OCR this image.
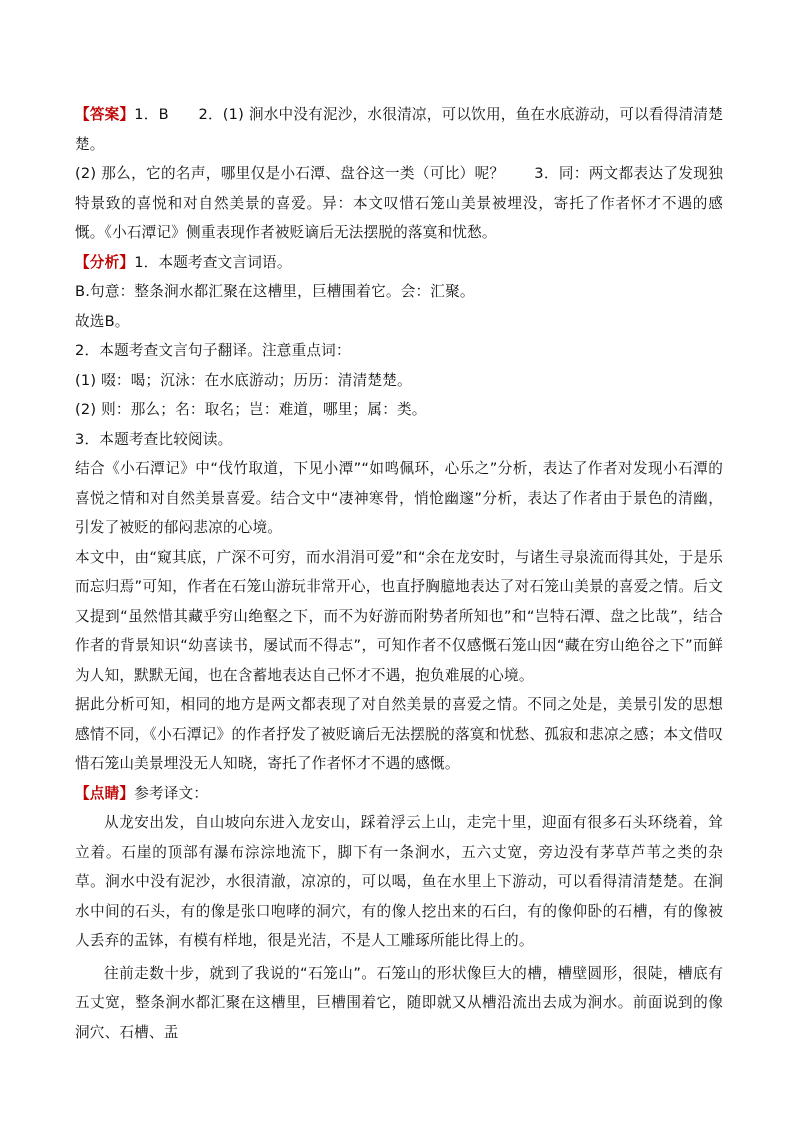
【答案】1．B　　2．(1) 涧水中没有泥沙，水很清凉，可以饮用，鱼在水底游动，可以看得清清楚楚。

(2) 那么，它的名声，哪里仅是小石潭、盘谷这一类（可比）呢？　　3．同：两文都表达了发现独特景致的喜悦和对自然美景的喜爱。异：本文叹惜石笼山美景被埋没，寄托了作者怀才不遇的感慨。《小石潭记》侧重表现作者被贬谪后无法摆脱的落寞和忧愁。

【分析】1．本题考查文言词语。

B.句意：整条涧水都汇聚在这槽里，巨槽围着它。会：汇聚。

故选B。

2．本题考查文言句子翻译。注意重点词：

(1) 啜：喝；沉泳：在水底游动；历历：清清楚楚。

(2) 则：那么；名：取名；岂：难道，哪里；属：类。

3．本题考查比较阅读。

结合《小石潭记》中“伐竹取道，下见小潭”“如鸣佩环，心乐之”分析，表达了作者对发现小石潭的喜悦之情和对自然美景喜爱。结合文中“凄神寒骨，悄怆幽邃”分析，表达了作者由于景色的清幽，引发了被贬的郁闷悲凉的心境。

本文中，由“窥其底，广深不可穷，而水涓涓可爱”和“余在龙安时，与诸生寻泉流而得其处，于是乐而忘归焉”可知，作者在石笼山游玩非常开心，也直抒胸臆地表达了对石笼山美景的喜爱之情。后文又提到“虽然惜其藏乎穷山绝壑之下，而不为好游而附势者所知也”和“岂特石潭、盘之比哉”，结合作者的背景知识“幼喜读书，屡试而不得志”，可知作者不仅感慨石笼山因“藏在穷山绝谷之下”而鲜为人知，默默无闻，也在含蓄地表达自己怀才不遇，抱负难展的心境。

据此分析可知，相同的地方是两文都表现了对自然美景的喜爱之情。不同之处是，美景引发的思想感情不同，《小石潭记》的作者抒发了被贬谪后无法摆脱的落寞和忧愁、孤寂和悲凉之感；本文借叹惜石笼山美景埋没无人知晓，寄托了作者怀才不遇的感慨。

【点睛】参考译文：

从龙安出发，自山坡向东进入龙安山，踩着浮云上山，走完十里，迎面有很多石头环绕着，耸立着。石崖的顶部有瀑布淙淙地流下，脚下有一条涧水，五六丈宽，旁边没有茅草芦苇之类的杂草。涧水中没有泥沙，水很清澈，凉凉的，可以喝，鱼在水里上下游动，可以看得清清楚楚。在涧水中间的石头，有的像是张口咆哮的洞穴，有的像人挖出来的石臼，有的像仰卧的石槽，有的像被人丢弃的盂钵，有模有样地，很是光洁，不是人工雕琢所能比得上的。

往前走数十步，就到了我说的“石笼山”。石笼山的形状像巨大的槽，槽壁圆形，很陡，槽底有五丈宽，整条涧水都汇聚在这槽里，巨槽围着它，随即就又从槽沿流出去成为涧水。前面说到的像洞穴、石槽、盂
